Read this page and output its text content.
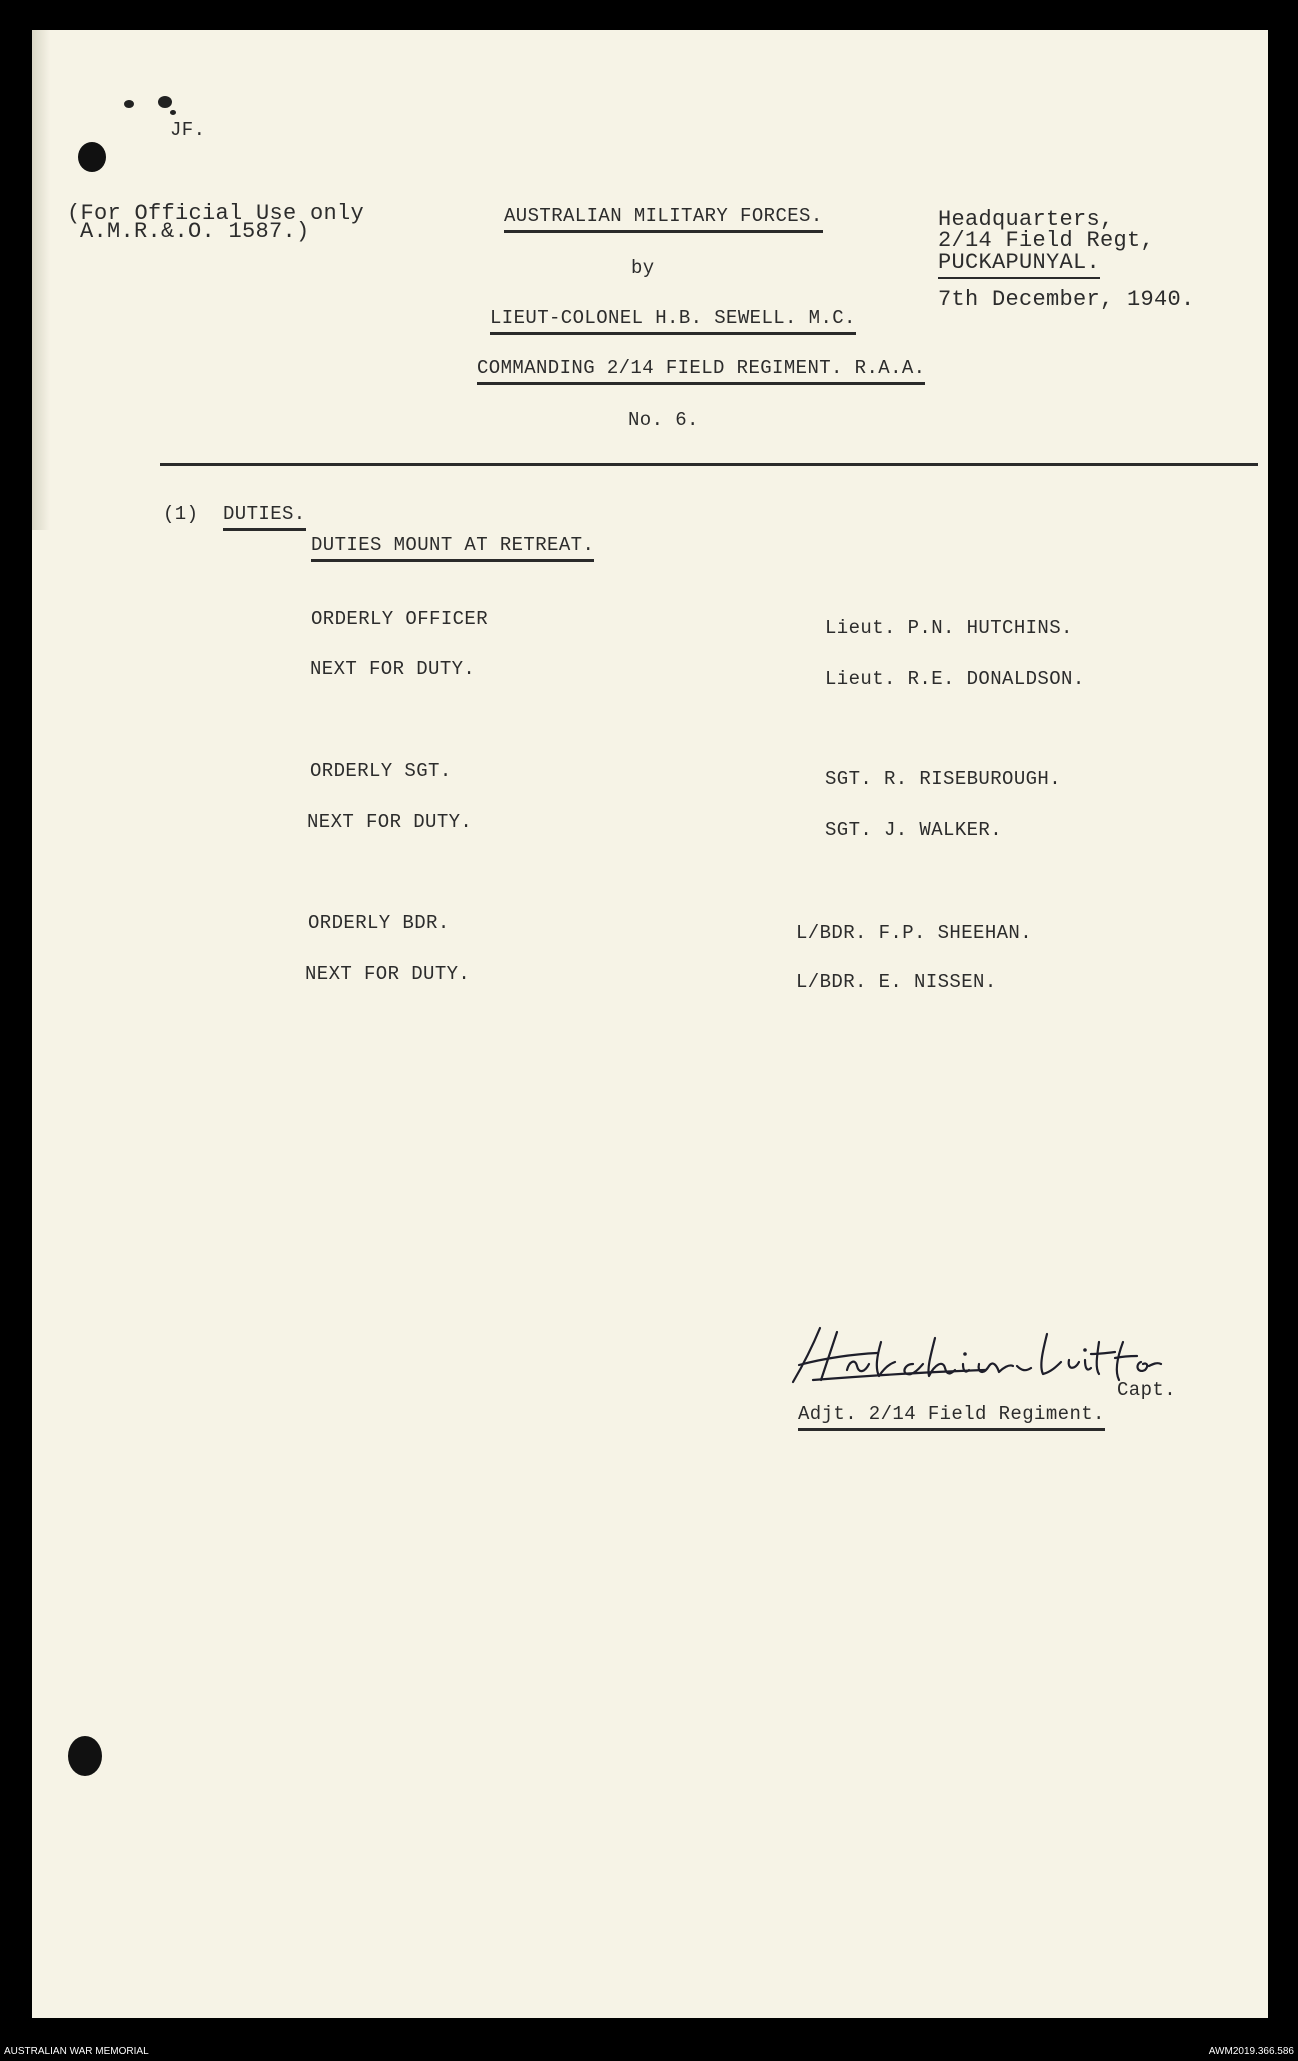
JF.
(For Official Use only
A.M.R.&.O. 1587.)
AUSTRALIAN MILITARY FORCES.
by
LIEUT-COLONEL H.B. SEWELL. M.C.
COMMANDING 2/14 FIELD REGIMENT. R.A.A.
No. 6.
Headquarters,
2/14 Field Regt,
PUCKAPUNYAL.
7th December, 1940.
(1) DUTIES.
DUTIES MOUNT AT RETREAT.
ORDERLY OFFICER	Lieut. P.N. HUTCHINS.
NEXT FOR DUTY.	Lieut. R.E. DONALDSON.
ORDERLY SGT.	SGT. R. RISEBUROUGH.
NEXT FOR DUTY.	SGT. J. WALKER.
ORDERLY BDR.	L/BDR. F.P. SHEEHAN.
NEXT FOR DUTY.	L/BDR. E. NISSEN.
Capt.
Adjt. 2/14 Field Regiment.
AUSTRALIAN WAR MEMORIAL	AWM2019.366.586
